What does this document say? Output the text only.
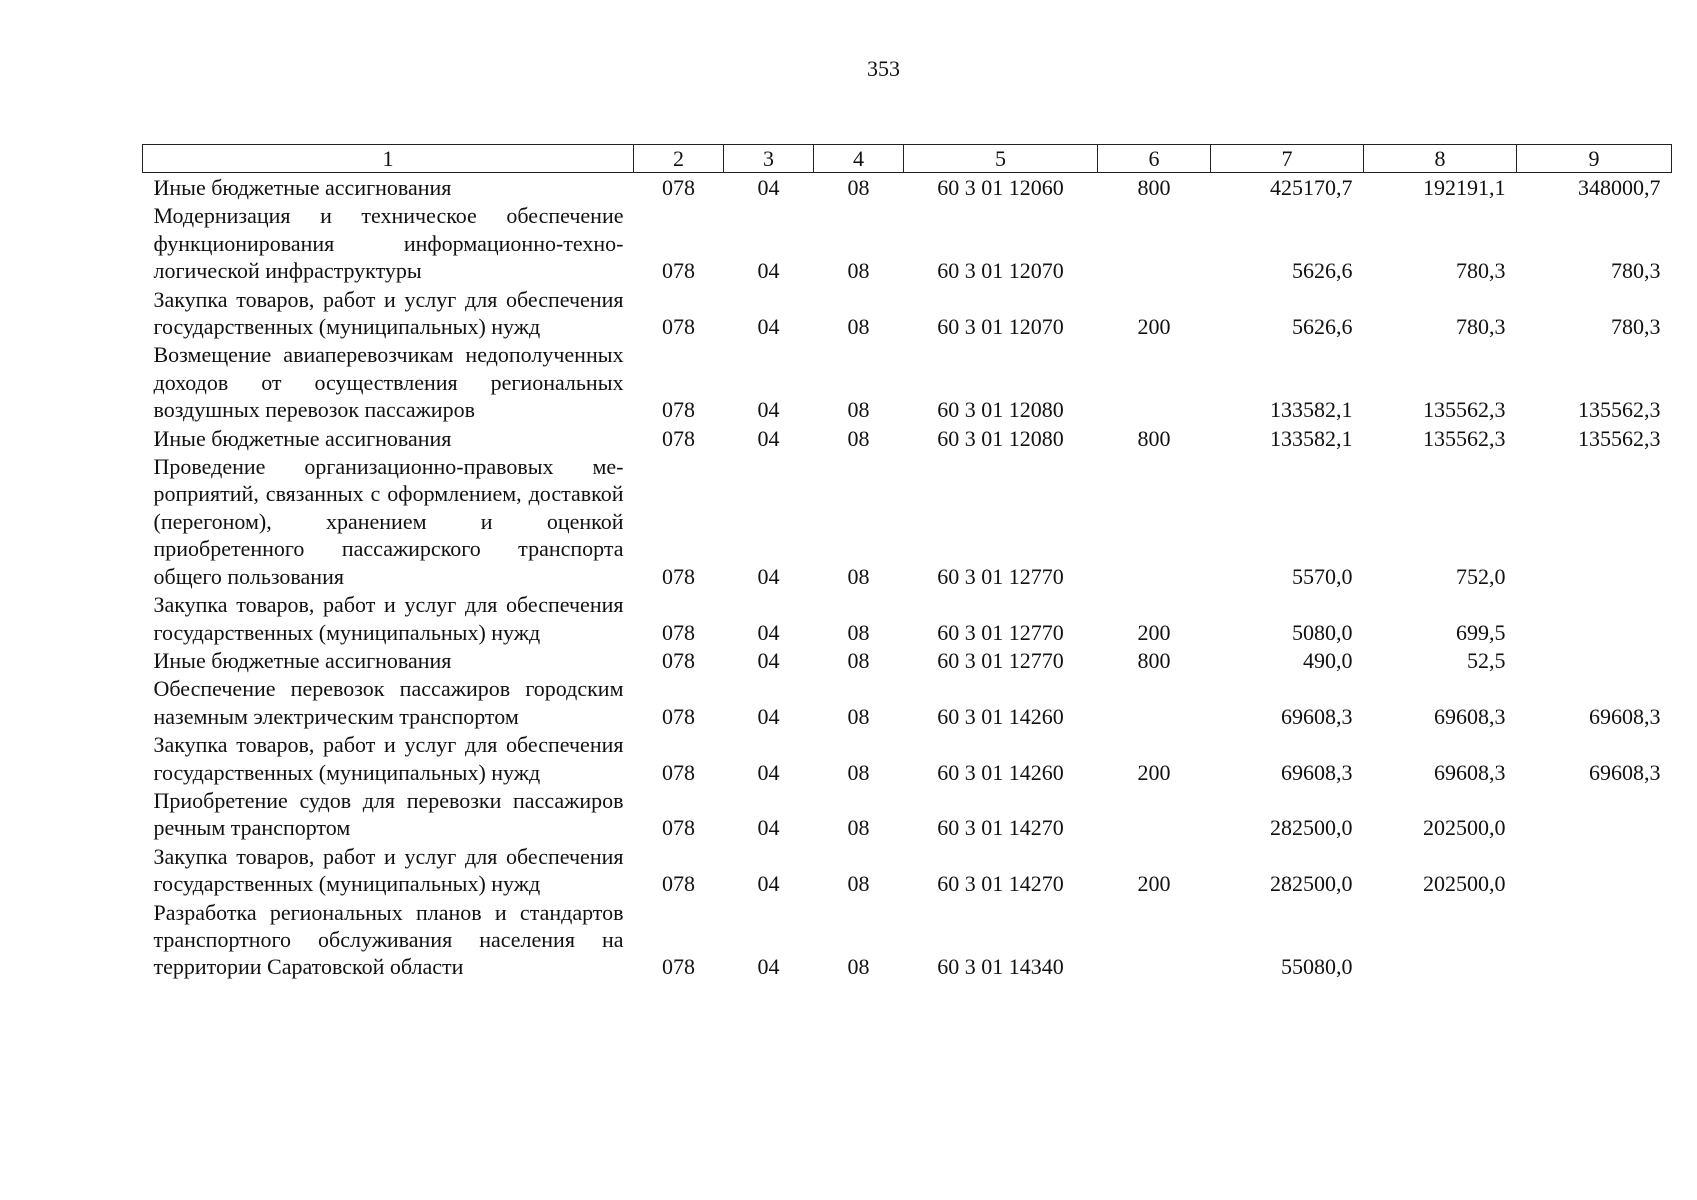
353
1	2	3	4	5	6	7	8	9
Иные бюджетные ассигнования	078	04	08	60 3 01 12060	800	425170,7	192191,1	348000,7
Модернизация и техническое обеспечение функционирования информационно-технологической инфраструктуры	078	04	08	60 3 01 12070		5626,6	780,3	780,3
Закупка товаров, работ и услуг для обеспечения государственных (муниципальных) нужд	078	04	08	60 3 01 12070	200	5626,6	780,3	780,3
Возмещение авиаперевозчикам недополученных доходов от осуществления региональных воздушных перевозок пассажиров	078	04	08	60 3 01 12080		133582,1	135562,3	135562,3
Иные бюджетные ассигнования	078	04	08	60 3 01 12080	800	133582,1	135562,3	135562,3
Проведение организационно-правовых мероприятий, связанных с оформлением, доставкой (перегоном), хранением и оценкой приобретенного пассажирского транспорта общего пользования	078	04	08	60 3 01 12770		5570,0	752,0	
Закупка товаров, работ и услуг для обеспечения государственных (муниципальных) нужд	078	04	08	60 3 01 12770	200	5080,0	699,5	
Иные бюджетные ассигнования	078	04	08	60 3 01 12770	800	490,0	52,5	
Обеспечение перевозок пассажиров городским наземным электрическим транспортом	078	04	08	60 3 01 14260		69608,3	69608,3	69608,3
Закупка товаров, работ и услуг для обеспечения государственных (муниципальных) нужд	078	04	08	60 3 01 14260	200	69608,3	69608,3	69608,3
Приобретение судов для перевозки пассажиров речным транспортом	078	04	08	60 3 01 14270		282500,0	202500,0	
Закупка товаров, работ и услуг для обеспечения государственных (муниципальных) нужд	078	04	08	60 3 01 14270	200	282500,0	202500,0	
Разработка региональных планов и стандартов транспортного обслуживания населения на территории Саратовской области	078	04	08	60 3 01 14340		55080,0		
